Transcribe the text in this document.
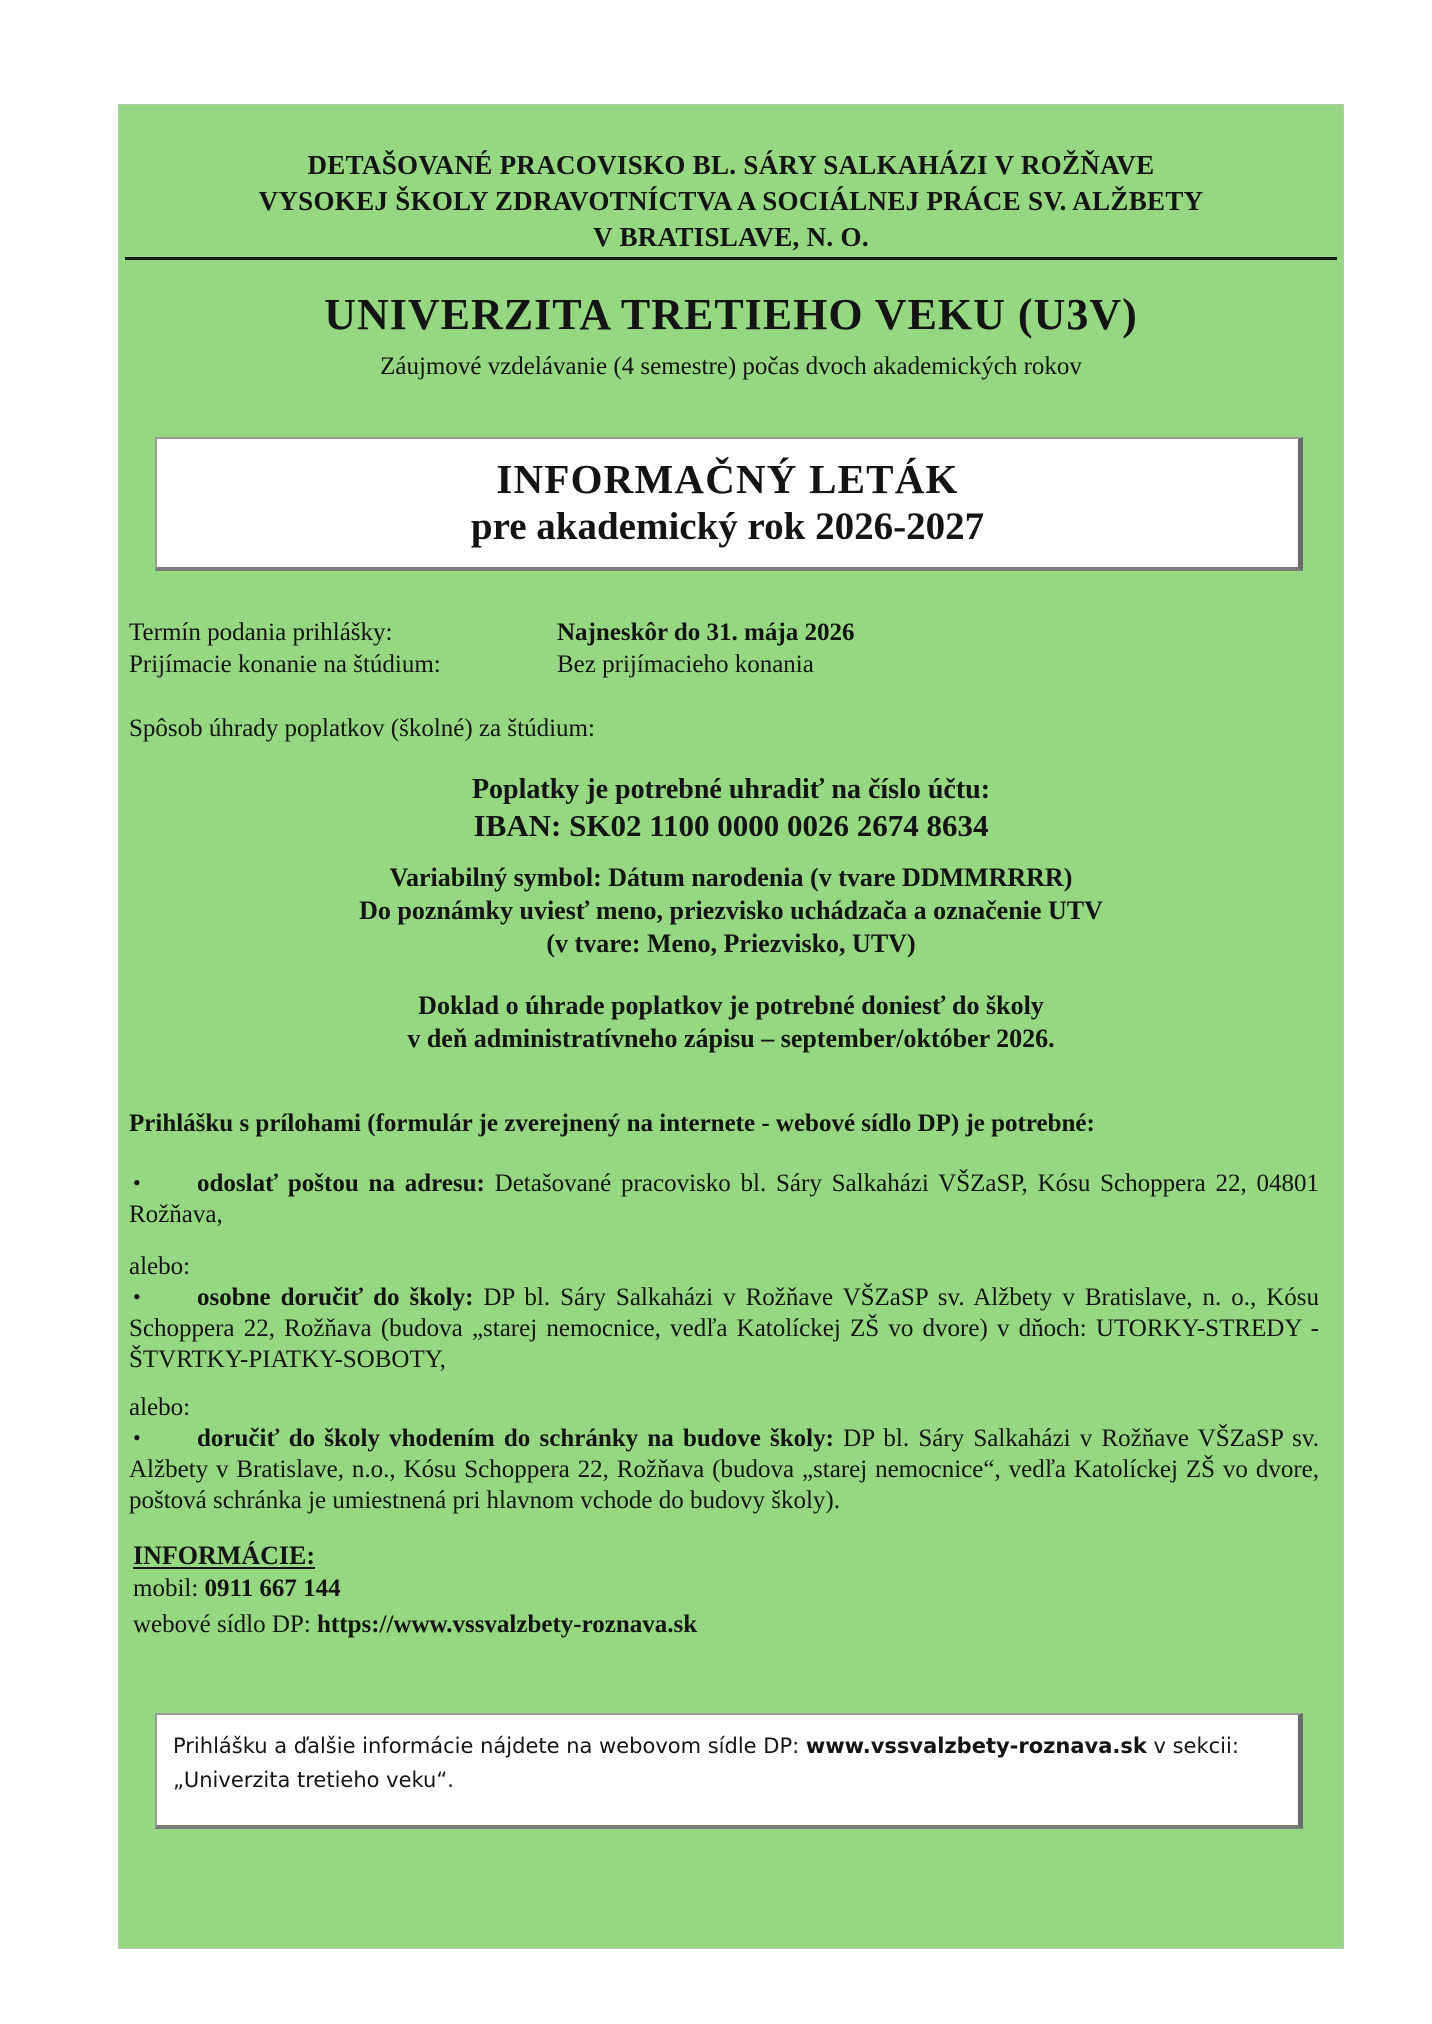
DETAŠOVANÉ PRACOVISKO BL. SÁRY SALKAHÁZI V ROŽŇAVE
VYSOKEJ ŠKOLY ZDRAVOTNÍCTVA A SOCIÁLNEJ PRÁCE SV. ALŽBETY
V BRATISLAVE, N. O.
UNIVERZITA TRETIEHO VEKU (U3V)
Záujmové vzdelávanie (4 semestre) počas dvoch akademických rokov
INFORMAČNÝ LETÁK
pre akademický rok 2026-2027
Termín podania prihlášky:	Najneskôr do 31. mája 2026
Prijímacie konanie na štúdium:	Bez prijímacieho konania
Spôsob úhrady poplatkov (školné) za štúdium:
Poplatky je potrebné uhradiť na číslo účtu:
IBAN: SK02 1100 0000 0026 2674 8634
Variabilný symbol: Dátum narodenia (v tvare DDMMRRRR)
Do poznámky uviesť meno, priezvisko uchádzača a označenie UTV
(v tvare: Meno, Priezvisko, UTV)
Doklad o úhrade poplatkov je potrebné doniesť do školy
v deň administratívneho zápisu – september/október 2026.
Prihlášku s prílohami (formulár je zverejnený na internete - webové sídlo DP) je potrebné:
•	odoslať poštou na adresu: Detašované pracovisko bl. Sáry Salkaházi VŠZaSP, Kósu Schoppera 22, 04801 Rožňava,
alebo:
•	osobne doručiť do školy: DP bl. Sáry Salkaházi v Rožňave VŠZaSP sv. Alžbety v Bratislave, n. o., Kósu Schoppera 22, Rožňava (budova „starej nemocnice, vedľa Katolíckej ZŠ vo dvore) v dňoch: UTORKY-STREDY - ŠTVRTKY-PIATKY-SOBOTY,
alebo:
•	doručiť do školy vhodením do schránky na budove školy: DP bl. Sáry Salkaházi v Rožňave VŠZaSP sv. Alžbety v Bratislave, n.o., Kósu Schoppera 22, Rožňava (budova „starej nemocnice“, vedľa Katolíckej ZŠ vo dvore, poštová schránka je umiestnená pri hlavnom vchode do budovy školy).
INFORMÁCIE:
mobil: 0911 667 144
webové sídlo DP: https://www.vssvalzbety-roznava.sk
Prihlášku a ďalšie informácie nájdete na webovom sídle DP: www.vssvalzbety-roznava.sk v sekcii: „Univerzita tretieho veku“.
